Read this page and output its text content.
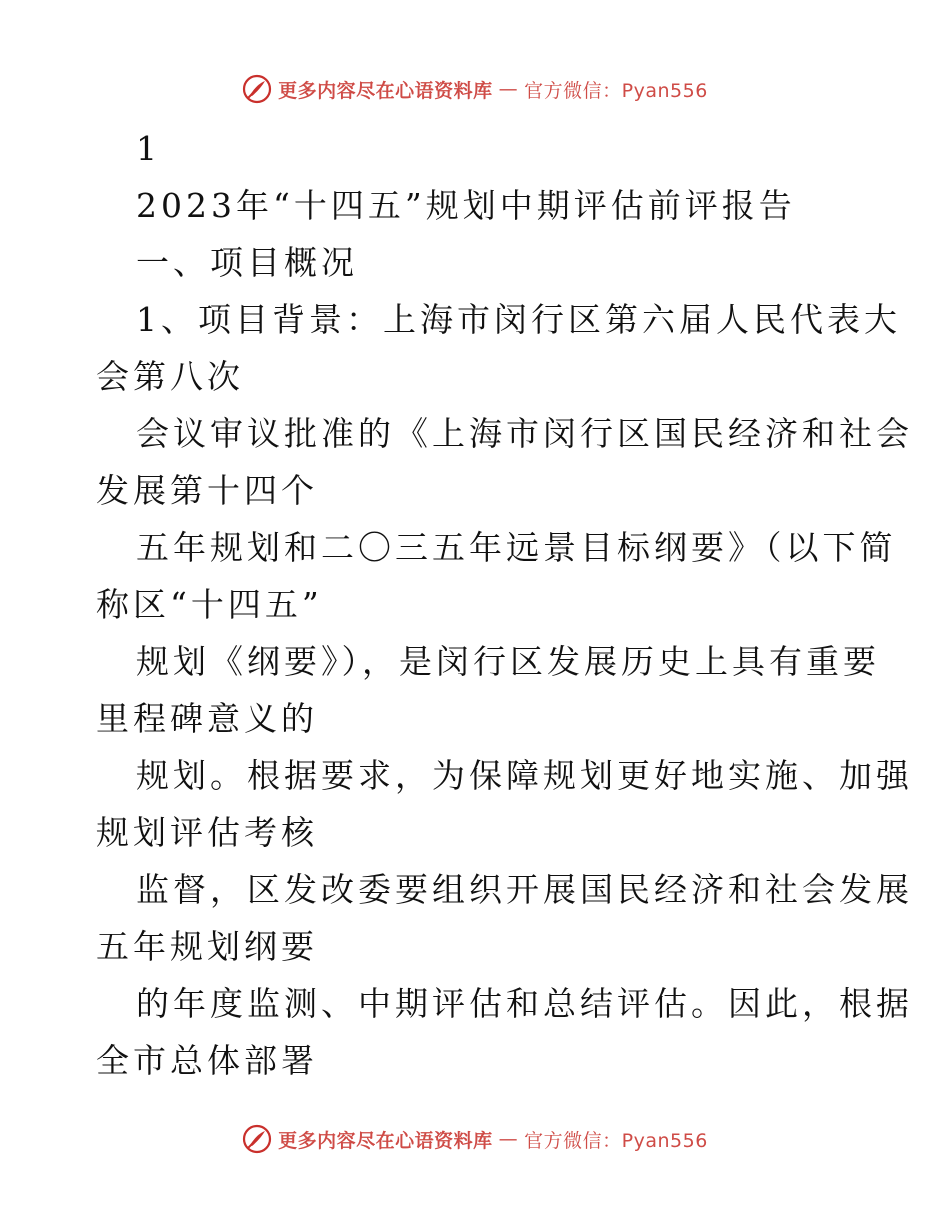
更多内容尽在心语资料库 — 官方微信：Pyan556
1
2023年“十四五”规划中期评估前评报告
一、项目概况
1、项目背景：上海市闵行区第六届人民代表大
会第八次
会议审议批准的《上海市闵行区国民经济和社会
发展第十四个
五年规划和二〇三五年远景目标纲要》（以下简
称区“十四五”
规划《纲要》），是闵行区发展历史上具有重要
里程碑意义的
规划。根据要求，为保障规划更好地实施、加强
规划评估考核
监督，区发改委要组织开展国民经济和社会发展
五年规划纲要
的年度监测、中期评估和总结评估。因此，根据
全市总体部署
更多内容尽在心语资料库 — 官方微信：Pyan556
